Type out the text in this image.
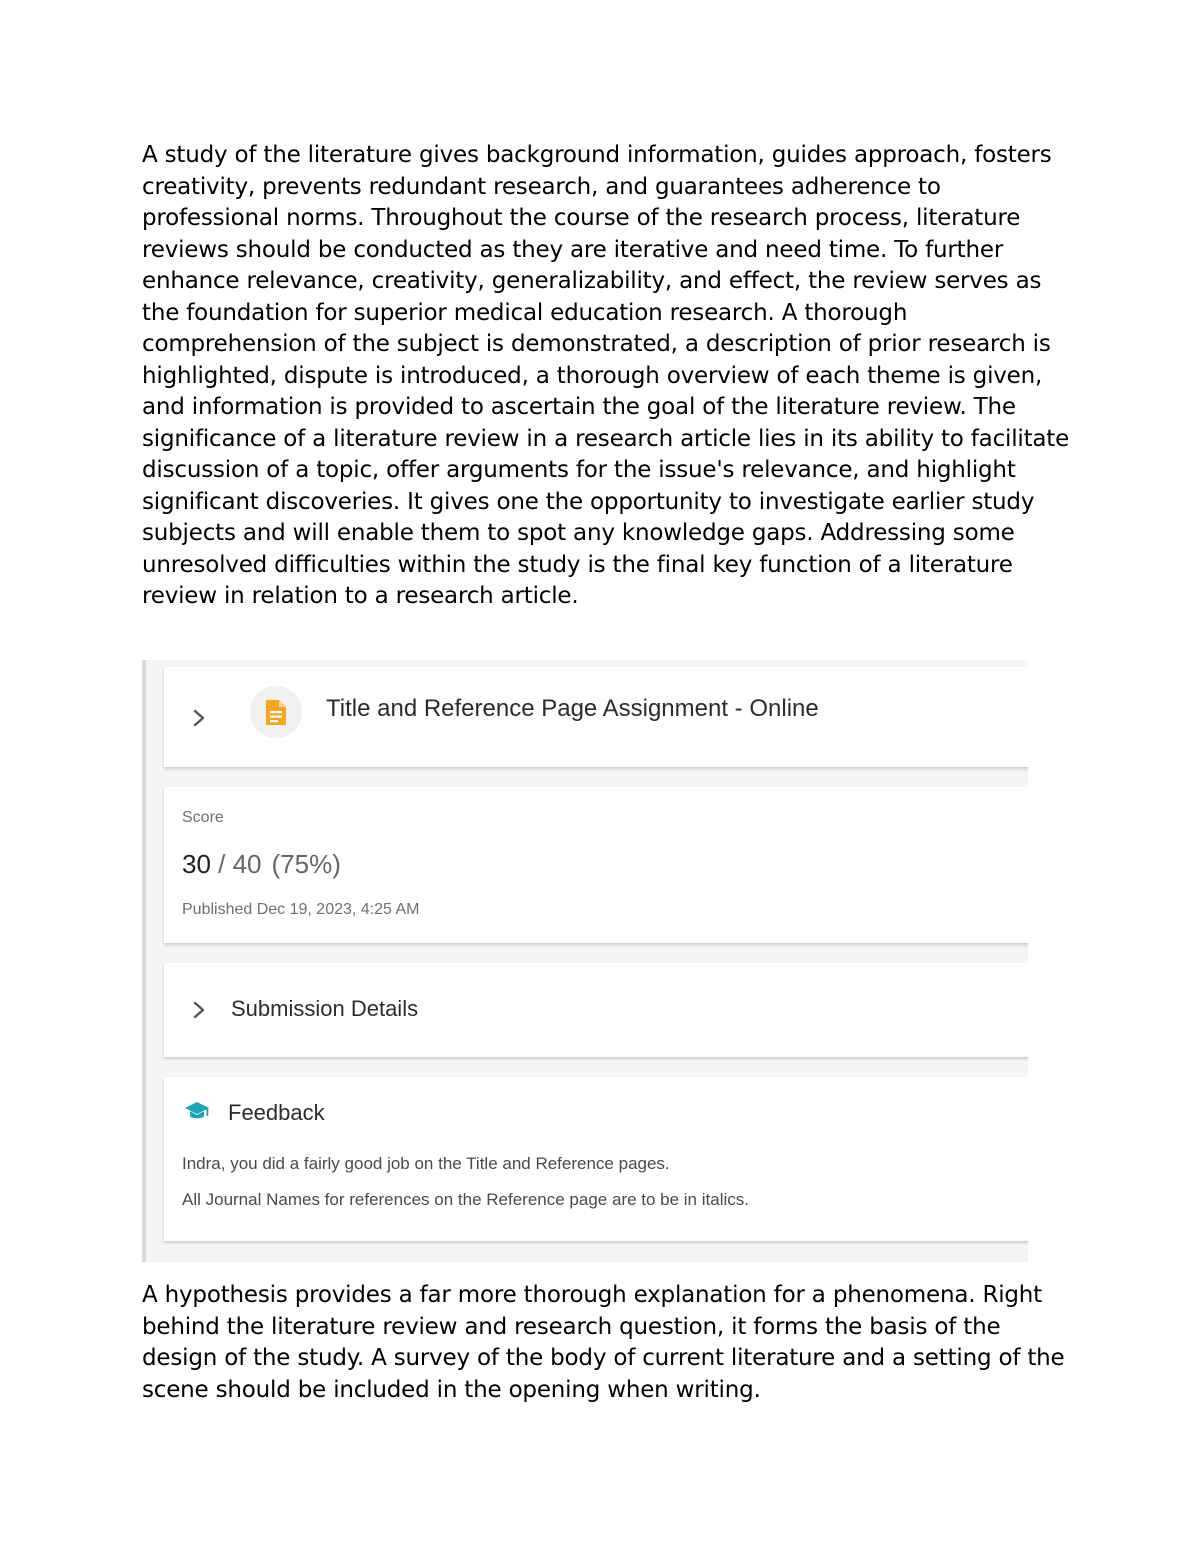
A study of the literature gives background information, guides approach, fosters creativity, prevents redundant research, and guarantees adherence to professional norms. Throughout the course of the research process, literature reviews should be conducted as they are iterative and need time. To further enhance relevance, creativity, generalizability, and effect, the review serves as the foundation for superior medical education research. A thorough comprehension of the subject is demonstrated, a description of prior research is highlighted, dispute is introduced, a thorough overview of each theme is given, and information is provided to ascertain the goal of the literature review. The significance of a literature review in a research article lies in its ability to facilitate discussion of a topic, offer arguments for the issue's relevance, and highlight significant discoveries. It gives one the opportunity to investigate earlier study subjects and will enable them to spot any knowledge gaps. Addressing some unresolved difficulties within the study is the final key function of a literature review in relation to a research article.

Title and Reference Page Assignment - Online
Score
30 / 40 (75%)
Published Dec 19, 2023, 4:25 AM
Submission Details
Feedback
Indra, you did a fairly good job on the Title and Reference pages.
All Journal Names for references on the Reference page are to be in italics.

A hypothesis provides a far more thorough explanation for a phenomena. Right behind the literature review and research question, it forms the basis of the design of the study. A survey of the body of current literature and a setting of the scene should be included in the opening when writing.
